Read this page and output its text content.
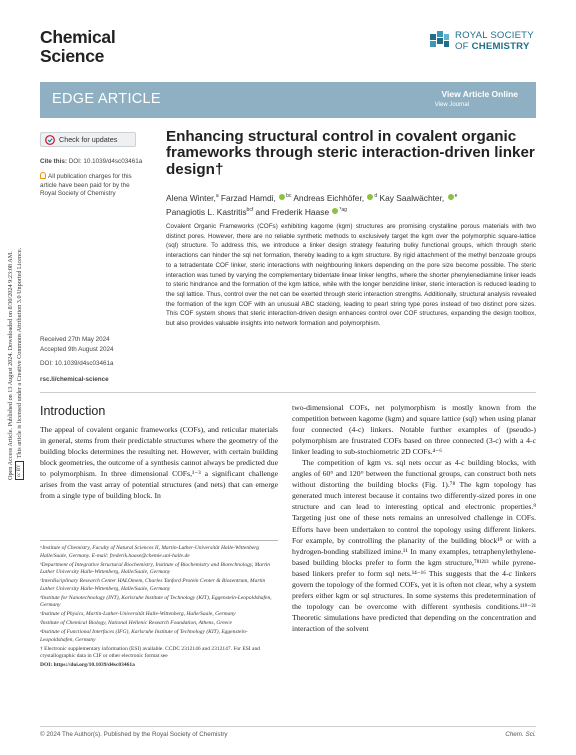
Open Access Article. Published on 13 August 2024. Downloaded on 8/30/2024 9:23:08 AM. cc BY
This article is licensed under a Creative Commons Attribution 3.0 Unported Licence.
Chemical
Science
ROYAL SOCIETY
OF CHEMISTRY
EDGE ARTICLE	View Article Online
View Journal
Check for updates
Cite this: DOI: 10.1039/d4sc03461a
All publication charges for this article have been paid for by the Royal Society of Chemistry
Received 27th May 2024
Accepted 9th August 2024
DOI: 10.1039/d4sc03461a
rsc.li/chemical-science
Enhancing structural control in covalent organic frameworks through steric interaction-driven linker design†
Alena Winter,$^a$ Farzad Hamdi, $^{bc}$ Andreas Eichhöfer, $^d$ Kay Saalwächter, $^e$
Panagiotis L. Kastritis$^{bcf}$ and Frederik Haase $^{*ag}$
Covalent Organic Frameworks (COFs) exhibiting kagome (kgm) structures are promising crystalline porous materials with two distinct pores. However, there are no reliable synthetic methods to exclusively target the kgm over the polymorphic square-lattice (sql) structure. To address this, we introduce a linker design strategy featuring bulky functional groups, which through steric interactions can hinder the sql net formation, thereby leading to a kgm structure. By rigid attachment of the methyl benzoate groups to a tetradentate COF linker, steric interactions with neighbouring linkers depending on the pore size become possible. The steric interaction was tuned by varying the complementary bidentate linear linker lengths, where the shorter phenylenediamine linker leads to steric hindrance and the formation of the kgm lattice, while with the longer benzidine linker, steric interaction is reduced leading to the sql lattice. Thus, control over the net can be exerted through steric interaction strengths. Additionally, structural analysis revealed the formation of the kgm COF with an unusual ABC stacking, leading to pearl string type pores instead of two distinct pore sizes. This COF system shows that steric interaction-driven design enhances control over COF structures, expanding the design toolbox, but also provides valuable insights into network formation and polymorphism.
Introduction
The appeal of covalent organic frameworks (COFs), and reticular materials in general, stems from their predictable structures where the geometry of the building blocks determines the resulting net. However, with certain building block geometries, the outcome of a synthesis cannot always be predicted due to polymorphism. In three dimensional COFs,¹⁻³ a significant challenge arises from the vast array of potential structures (and nets) that can emerge from a single type of building block. In

two-dimensional COFs, net polymorphism is mostly known from the competition between kagome (kgm) and square lattice (sql) when using planar four connected (4-c) linkers. Notable further examples of (pseudo-) polymorphism are frustrated COFs based on three connected (3-c) with a 4-c linker leading to sub-stochiometric 2D COFs.⁴⁻⁶

The competition of kgm vs. sql nets occur as 4-c building blocks, with angles of 60° and 120° between the functional groups, can construct both nets without distorting the building blocks (Fig. 1).⁷⁸ The kgm topology has generated much interest because it contains two differently-sized pores in one structure and can lead to interesting optical and electronic properties.⁹ Targeting just one of these nets remains an unresolved challenge in COFs. Efforts have been undertaken to control the topology using different linkers. For example, by controlling the planarity of the building block¹⁰ or with a hydrogen-bonding stabilized imine.¹¹ In many examples, tetraphenylethylene-based building blocks prefer to form the kgm structure,⁷⁸¹²¹³ while pyrene-based linkers prefer to form sql nets.¹⁴⁻¹⁶ This suggests that the 4-c linkers govern the topology of the formed COFs, yet it is often not clear, why a system prefers either kgm or sql structures. In some systems this predetermination of the topology can be overcome with different synthesis conditions.¹¹⁹⁻²¹ Theoretic simulations have predicted that depending on the concentration and interaction of the solvent

ᵃInstitute of Chemistry, Faculty of Natural Sciences II, Martin-Luther-Universität Halle-Wittenberg Halle/Saale, Germany. E-mail: frederik.haase@chemie.uni-halle.de

ᵇDepartment of Integrative Structural Biochemistry, Institute of Biochemistry and Biotechnology, Martin Luther University Halle-Wittenberg, Halle/Saale, Germany

ᶜInterdisciplinary Research Center HALOmem, Charles Tanford Protein Center & Biozentrum, Martin Luther University Halle-Wittenberg, Halle/Saale, Germany

ᵈInstitute for Nanotechnology (INT), Karlsruhe Institute of Technology (KIT), Eggenstein-Leopoldshafen, Germany

ᵉInstitute of Physics, Martin-Luther-Universität Halle-Wittenberg, Halle/Saale, Germany

ᶠInstitute of Chemical Biology, National Hellenic Research Foundation, Athens, Greece

ᵍInstitute of Functional Interfaces (IFG), Karlsruhe Institute of Technology (KIT), Eggenstein-Leopoldshafen, Germany

† Electronic supplementary information (ESI) available. CCDC 2312146 and 2312147. For ESI and crystallographic data in CIF or other electronic format see

DOI: https://doi.org/10.1039/d4sc03461a

© 2024 The Author(s). Published by the Royal Society of Chemistry	Chem. Sci.
